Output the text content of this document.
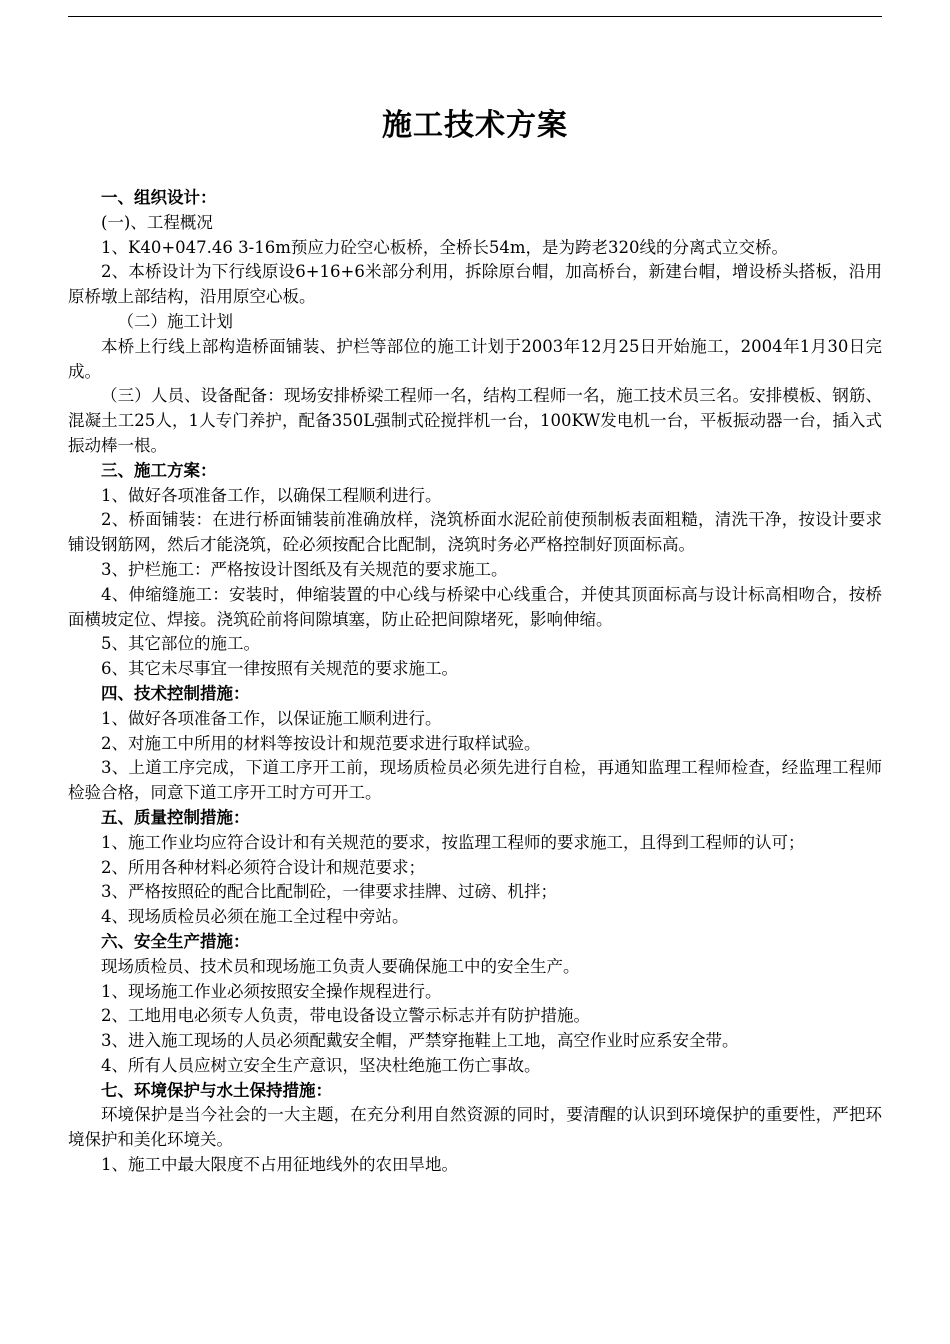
施工技术方案

一、组织设计：

(一)、工程概况

1、K40+047.46 3-16m预应力砼空心板桥，全桥长54m，是为跨老320线的分离式立交桥。

2、本桥设计为下行线原设6+16+6米部分利用，拆除原台帽，加高桥台，新建台帽，增设桥头搭板，沿用原桥墩上部结构，沿用原空心板。

（二）施工计划

本桥上行线上部构造桥面铺装、护栏等部位的施工计划于2003年12月25日开始施工，2004年1月30日完成。

（三）人员、设备配备：现场安排桥梁工程师一名，结构工程师一名，施工技术员三名。安排模板、钢筋、混凝土工25人，1人专门养护，配备350L强制式砼搅拌机一台，100KW发电机一台，平板振动器一台，插入式振动棒一根。

三、施工方案：

1、做好各项准备工作，以确保工程顺利进行。

2、桥面铺装：在进行桥面铺装前准确放样，浇筑桥面水泥砼前使预制板表面粗糙，清洗干净，按设计要求铺设钢筋网，然后才能浇筑，砼必须按配合比配制，浇筑时务必严格控制好顶面标高。

3、护栏施工：严格按设计图纸及有关规范的要求施工。

4、伸缩缝施工：安装时，伸缩装置的中心线与桥梁中心线重合，并使其顶面标高与设计标高相吻合，按桥面横坡定位、焊接。浇筑砼前将间隙填塞，防止砼把间隙堵死，影响伸缩。

5、其它部位的施工。

6、其它未尽事宜一律按照有关规范的要求施工。

四、技术控制措施：

1、做好各项准备工作，以保证施工顺利进行。

2、对施工中所用的材料等按设计和规范要求进行取样试验。

3、上道工序完成，下道工序开工前，现场质检员必须先进行自检，再通知监理工程师检查，经监理工程师检验合格，同意下道工序开工时方可开工。

五、质量控制措施：

1、施工作业均应符合设计和有关规范的要求，按监理工程师的要求施工，且得到工程师的认可；

2、所用各种材料必须符合设计和规范要求；

3、严格按照砼的配合比配制砼，一律要求挂牌、过磅、机拌；

4、现场质检员必须在施工全过程中旁站。

六、安全生产措施：

现场质检员、技术员和现场施工负责人要确保施工中的安全生产。

1、现场施工作业必须按照安全操作规程进行。

2、工地用电必须专人负责，带电设备设立警示标志并有防护措施。

3、进入施工现场的人员必须配戴安全帽，严禁穿拖鞋上工地，高空作业时应系安全带。

4、所有人员应树立安全生产意识，坚决杜绝施工伤亡事故。

七、环境保护与水土保持措施：

环境保护是当今社会的一大主题，在充分利用自然资源的同时，要清醒的认识到环境保护的重要性，严把环境保护和美化环境关。

1、施工中最大限度不占用征地线外的农田旱地。
